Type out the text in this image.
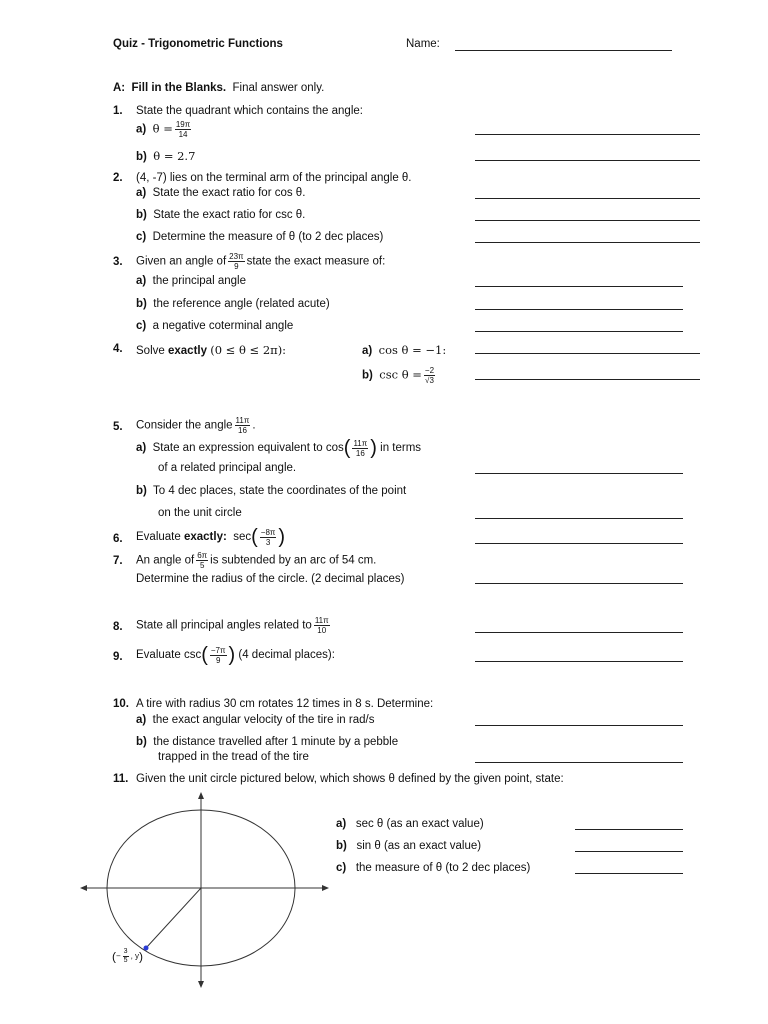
Quiz - Trigonometric Functions	Name:
A: Fill in the Blanks. Final answer only.
1. State the quadrant which contains the angle:
a) $\theta = \frac{19\pi}{14}$
b) θ = 2.7
2. (4, -7) lies on the terminal arm of the principal angle θ.
a) State the exact ratio for cos θ.
b) State the exact ratio for csc θ.
c) Determine the measure of θ (to 2 dec places)
3. Given an angle of $\frac{23\pi}{9}$ state the exact measure of:
a) the principal angle
b) the reference angle (related acute)
c) a negative coterminal angle
4. Solve exactly (0 ≤ θ ≤ 2π):	a) cos θ = −1:
b) $\csc \theta = \frac{-2}{√3}$
5. Consider the angle $\frac{11\pi}{16}$ .
a) State an expression equivalent to $\cos( \frac{11\pi}{16}$ ) in terms
of a related principal angle.
b) To 4 dec places, state the coordinates of the point
on the unit circle
6. Evaluate exactly: $\sec( \frac{-8\pi}{3}$ )
7. An angle of $\frac{6\pi}{5}$ is subtended by an arc of 54 cm.
Determine the radius of the circle. (2 decimal places)
8. State all principal angles related to $\frac{11\pi}{10}$
9. Evaluate $\csc( \frac{-7\pi}{9}$ ) (4 decimal places):
10. A tire with radius 30 cm rotates 12 times in 8 s. Determine:
a) the exact angular velocity of the tire in rad/s
b) the distance travelled after 1 minute by a pebble
trapped in the tread of the tire
11. Given the unit circle pictured below, which shows θ defined by the given point, state:
(− $\frac{3}{5}$ , y)
a) sec θ (as an exact value)
b) sin θ (as an exact value)
c) the measure of θ (to 2 dec places)
